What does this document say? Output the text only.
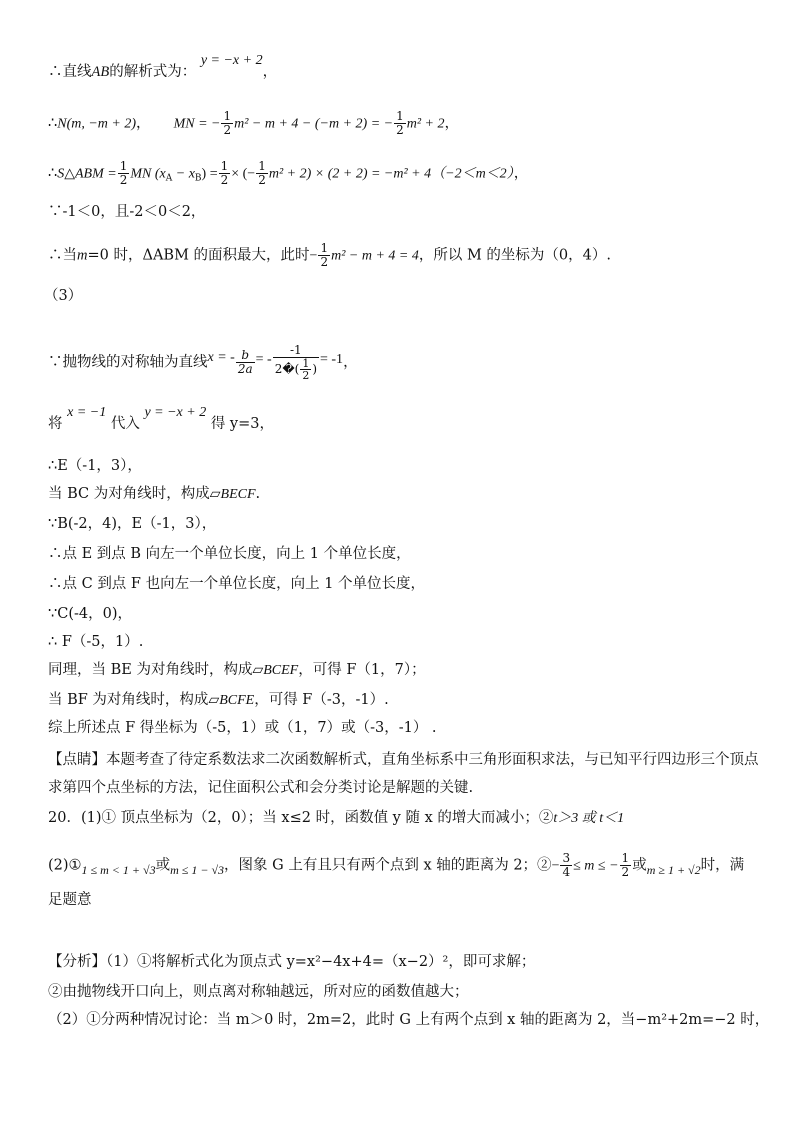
∴直线AB的解析式为： y = −x + 2，
∴N(m, −m + 2)， MN = − $\frac{1}{2} m^2 - m + 4 - (-m + 2)$ = − $\frac{1}{2} m^2 + 2$，
∴S△ABM = $\frac{1}{2}$ MN $(x_A - x_B) = \frac{1}{2}$ × (− $\frac{1}{2} m^2 + 2) \times (2 + 2) = -m^2 + 4(-2<m<2)$，
∵-1＜0，且-2＜0＜2，
∴当m=0 时，ΔABM 的面积最大，此时− $\frac{1}{2} m^2 - m + 4 = 4$，所以 M 的坐标为（0，4）.
（3）
∵抛物线的对称轴为直线x = - $\frac{b}{2a}$ = - $\frac{-1}{2�( \frac{1}{2} )} = -1$，
将 x = −1 代入 y = −x + 2 得 y=3，
∴E（-1，3），
当 BC 为对角线时，构成▱BECF.
∵B(-2，4)，E（-1，3），
∴点 E 到点 B 向左一个单位长度，向上 1 个单位长度，
∴点 C 到点 F 也向左一个单位长度，向上 1 个单位长度，
∵C(-4，0)，
∴ F（-5，1）.
同理，当 BE 为对角线时，构成▱BCEF，可得 F（1，7）；
当 BF 为对角线时，构成▱BCFE，可得 F（-3，-1）.
综上所述点 F 得坐标为（-5，1）或（1，7）或（-3，-1） .
【点睛】本题考查了待定系数法求二次函数解析式，直角坐标系中三角形面积求法，与已知平行四边形三个顶点
求第四个点坐标的方法，记住面积公式和会分类讨论是解题的关键.
20．(1)① 顶点坐标为（2，0）；当 x≤2 时，函数值 y 随 x 的增大而减小；②t＞3 或 t＜1
$(2)①_{1 \le m < 1 + √3}$或$_{m \le 1 - √3}$，图象 G 上有且只有两个点到 x 轴的距离为 2；②− $\frac{3}{4} \le m$ ≤ − $\frac{1}{2}$ 或$_{m \ge 1 + √2}$时，满
足题意
【分析】（1）①将解析式化为顶点式 y=x²−4x+4=（x−2）²，即可求解；
②由抛物线开口向上，则点离对称轴越远，所对应的函数值越大；
（2）①分两种情况讨论：当 m＞0 时，2m=2，此时 G 上有两个点到 x 轴的距离为 2，当−m²+2m=−2 时，
